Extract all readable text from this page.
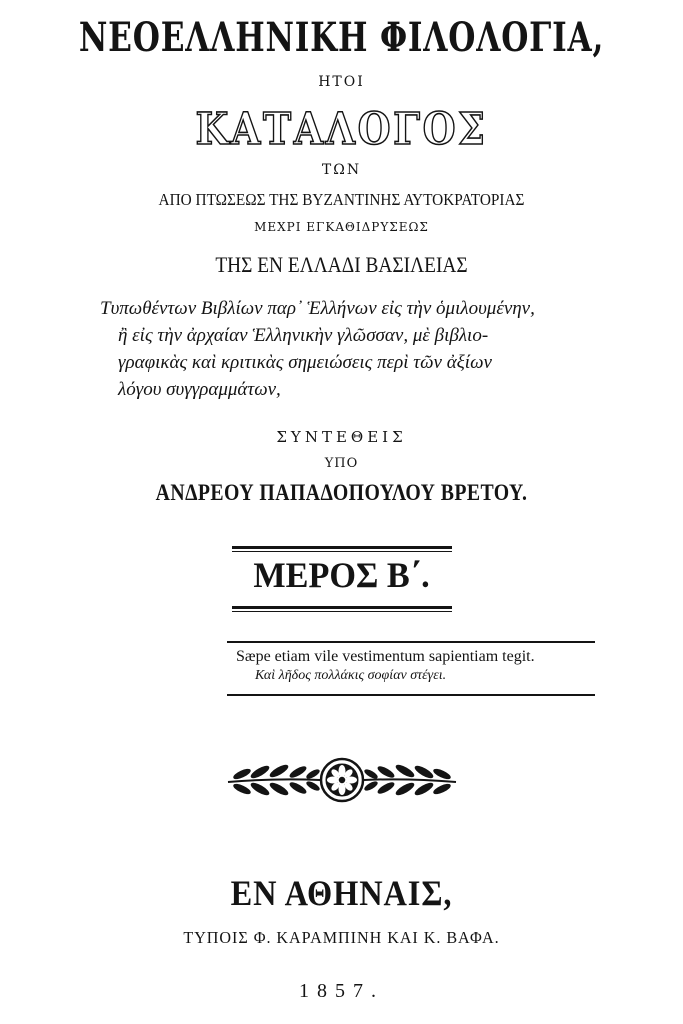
ΝΕΟΕΛΛΗΝΙΚΗ ΦΙΛΟΛΟΓΙΑ,
ΗΤΟΙ
ΚΑΤΑΛΟΓΟΣ
ΤΩΝ
ΑΠΟ ΠΤΩΣΕΩΣ ΤΗΣ ΒΥΖΑΝΤΙΝΗΣ ΑΥΤΟΚΡΑΤΟΡΙΑΣ
ΜΕΧΡΙ ΕΓΚΑΘΙΔΡΥΣΕΩΣ
ΤΗΣ ΕΝ ΕΛΛΑΔΙ ΒΑΣΙΛΕΙΑΣ
Τυπωθέντων Βιβλίων παρ᾽ Ἑλλήνων εἰς τὴν ὁμιλουμένην,
ἢ εἰς τὴν ἀρχαίαν Ἑλληνικὴν γλῶσσαν, μὲ βιβλιο-
γραφικὰς καὶ κριτικὰς σημειώσεις περὶ τῶν ἀξίων
λόγου συγγραμμάτων,
ΣΥΝΤΕΘΕΙΣ
ΥΠΟ
ΑΝΔΡΕΟΥ ΠΑΠΑΔΟΠΟΥΛΟΥ ΒΡΕΤΟΥ.
ΜΕΡΟΣ Β΄.
Sæpe etiam vile vestimentum sapientiam tegit.
Καὶ λῆδος πολλάκις σοφίαν στέγει.
ΕΝ ΑΘΗΝΑΙΣ,
ΤΥΠΟΙΣ Φ. ΚΑΡΑΜΠΙΝΗ ΚΑΙ Κ. ΒΑΦΑ.
1857.
